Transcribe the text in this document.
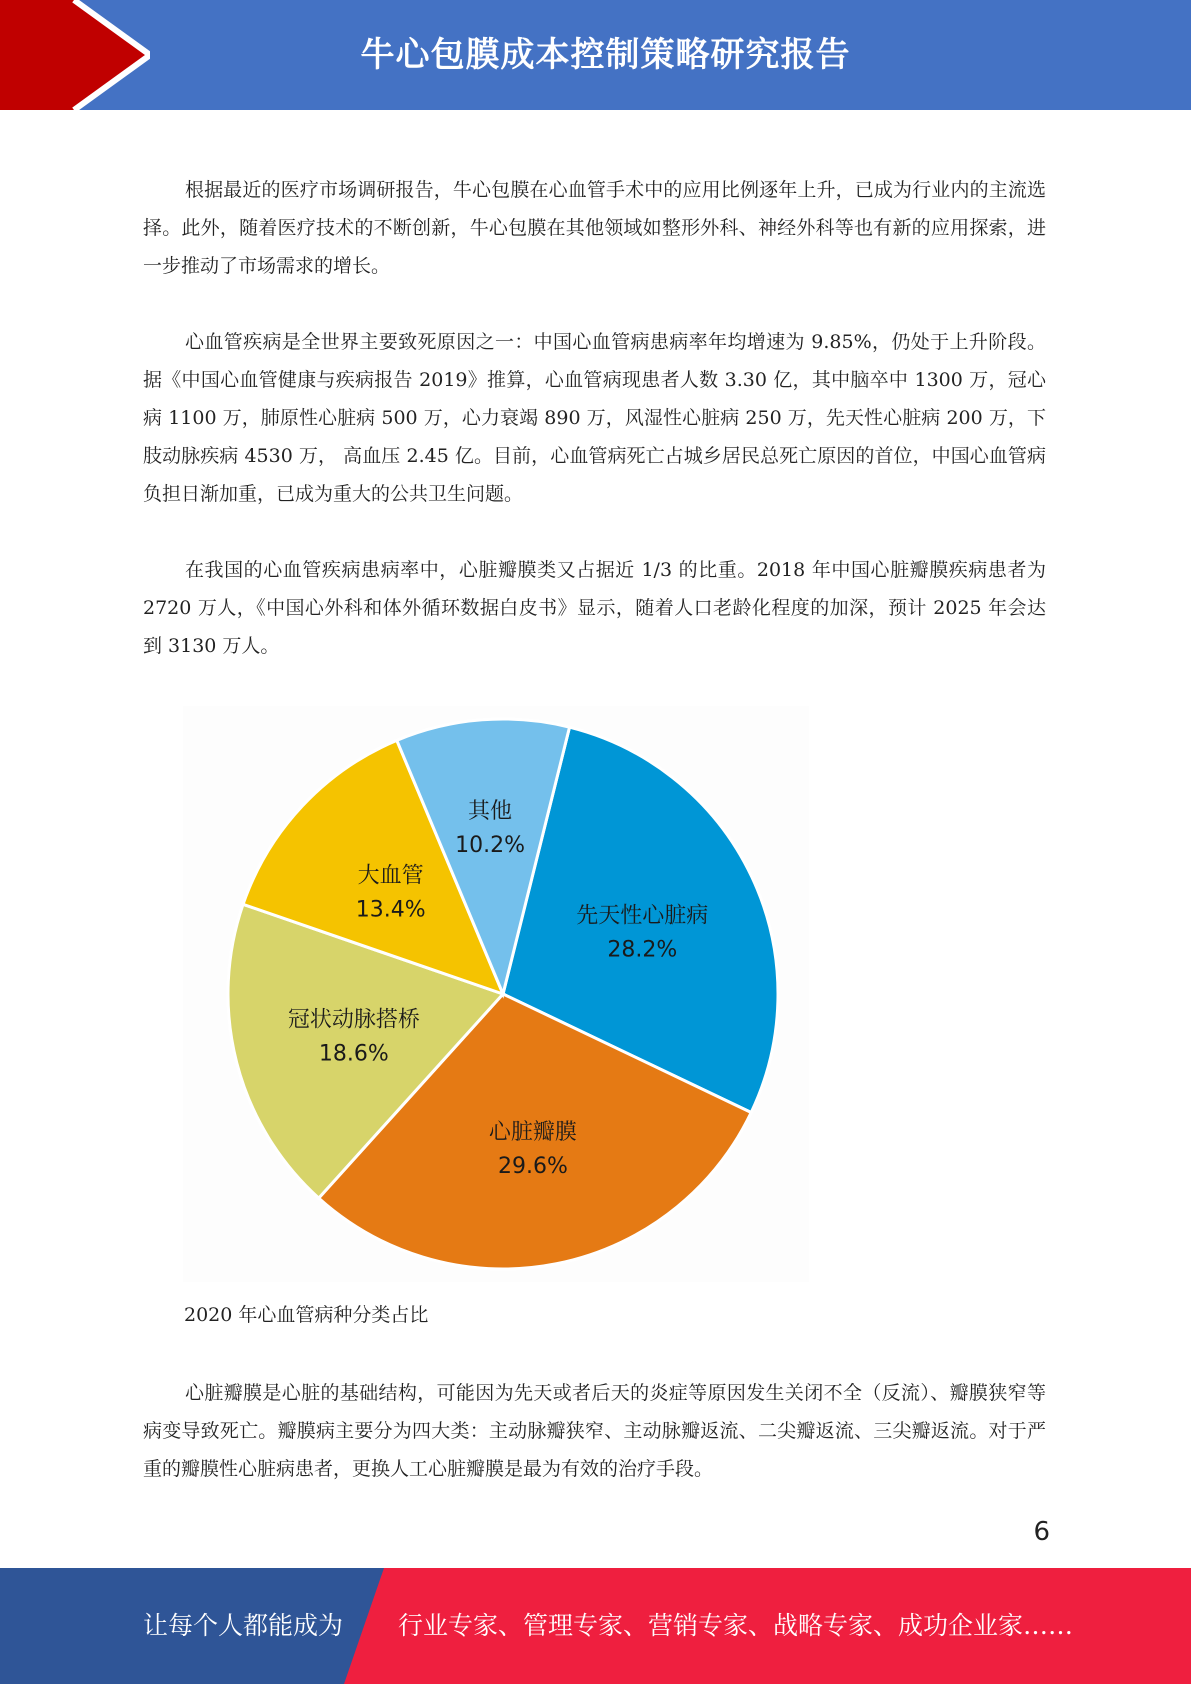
牛心包膜成本控制策略研究报告

根据最近的医疗市场调研报告，牛心包膜在心血管手术中的应用比例逐年上升，已成为行业内的主流选择。此外，随着医疗技术的不断创新，牛心包膜在其他领域如整形外科、神经外科等也有新的应用探索，进一步推动了市场需求的增长。

心血管疾病是全世界主要致死原因之一：中国心血管病患病率年均增速为 9.85%，仍处于上升阶段。据《中国心血管健康与疾病报告 2019》推算，心血管病现患者人数 3.30 亿，其中脑卒中 1300 万，冠心病 1100 万，肺原性心脏病 500 万，心力衰竭 890 万，风湿性心脏病 250 万，先天性心脏病 200 万，下肢动脉疾病 4530 万， 高血压 2.45 亿。目前，心血管病死亡占城乡居民总死亡原因的首位，中国心血管病负担日渐加重，已成为重大的公共卫生问题。

在我国的心血管疾病患病率中，心脏瓣膜类又占据近 1/3 的比重。2018 年中国心脏瓣膜疾病患者为 2720 万人，《中国心外科和体外循环数据白皮书》显示，随着人口老龄化程度的加深，预计 2025 年会达到 3130 万人。

先天性心脏病
28.2%
心脏瓣膜
29.6%
冠状动脉搭桥
18.6%
大血管
13.4%
其他
10.2%
2020 年心血管病种分类占比

心脏瓣膜是心脏的基础结构，可能因为先天或者后天的炎症等原因发生关闭不全（反流）、瓣膜狭窄等病变导致死亡。瓣膜病主要分为四大类：主动脉瓣狭窄、主动脉瓣返流、二尖瓣返流、三尖瓣返流。对于严重的瓣膜性心脏病患者，更换人工心脏瓣膜是最为有效的治疗手段。

6
让每个人都能成为 行业专家、管理专家、营销专家、战略专家、成功企业家……
